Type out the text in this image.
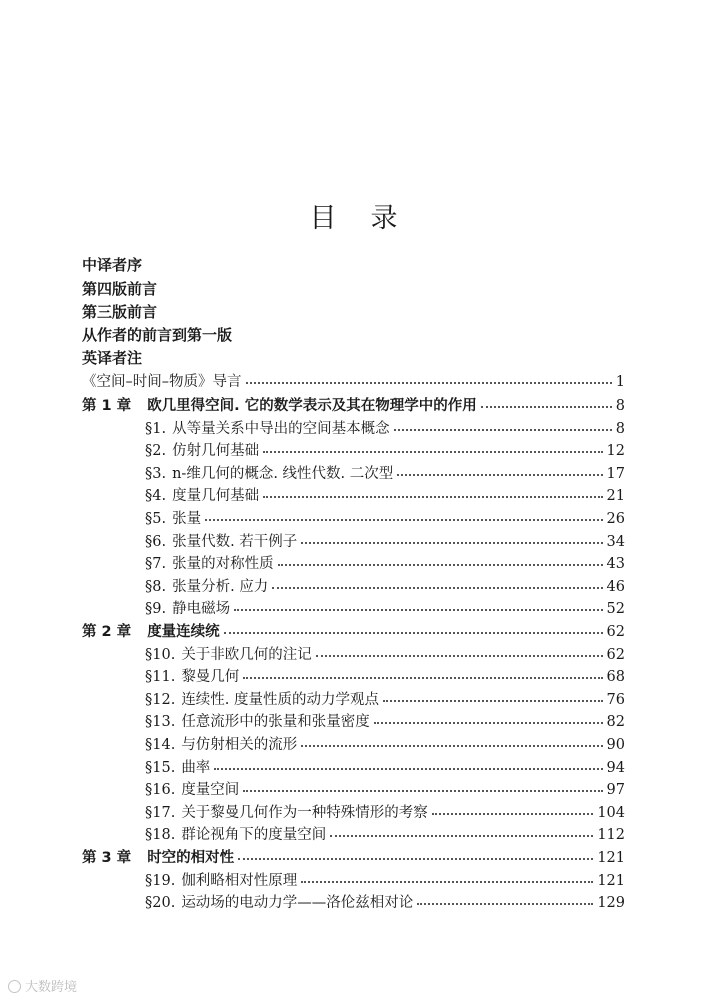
目录
中译者序
第四版前言
第三版前言
从作者的前言到第一版
英译者注
《空间–时间–物质》导言	1
第 1 章 欧几里得空间. 它的数学表示及其在物理学中的作用	8
§1. 从等量关系中导出的空间基本概念	8
§2. 仿射几何基础	12
§3. n-维几何的概念. 线性代数. 二次型	17
§4. 度量几何基础	21
§5. 张量	26
§6. 张量代数. 若干例子	34
§7. 张量的对称性质	43
§8. 张量分析. 应力	46
§9. 静电磁场	52
第 2 章 度量连续统	62
§10. 关于非欧几何的注记	62
§11. 黎曼几何	68
§12. 连续性. 度量性质的动力学观点	76
§13. 任意流形中的张量和张量密度	82
§14. 与仿射相关的流形	90
§15. 曲率	94
§16. 度量空间	97
§17. 关于黎曼几何作为一种特殊情形的考察	104
§18. 群论视角下的度量空间	112
第 3 章 时空的相对性	121
§19. 伽利略相对性原理	121
§20. 运动场的电动力学——洛伦兹相对论	129
大数跨境
